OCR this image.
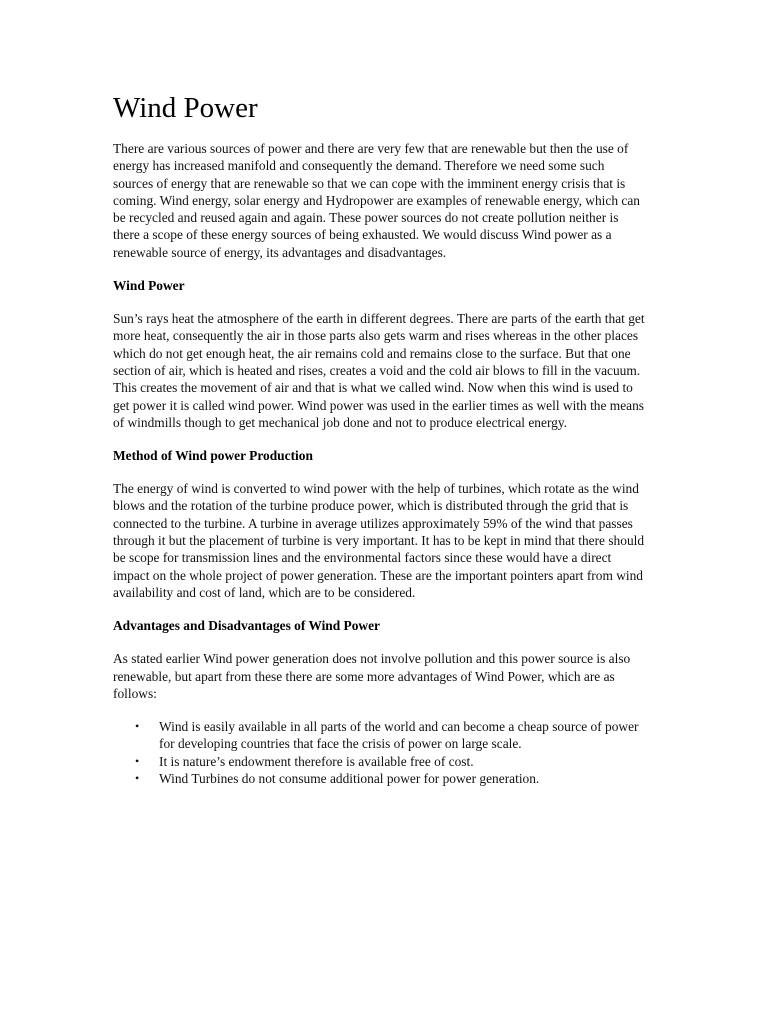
Wind Power

There are various sources of power and there are very few that are renewable but then the use of energy has increased manifold and consequently the demand. Therefore we need some such sources of energy that are renewable so that we can cope with the imminent energy crisis that is coming. Wind energy, solar energy and Hydropower are examples of renewable energy, which can be recycled and reused again and again. These power sources do not create pollution neither is there a scope of these energy sources of being exhausted. We would discuss Wind power as a renewable source of energy, its advantages and disadvantages.

Wind Power

Sun’s rays heat the atmosphere of the earth in different degrees. There are parts of the earth that get more heat, consequently the air in those parts also gets warm and rises whereas in the other places which do not get enough heat, the air remains cold and remains close to the surface. But that one section of air, which is heated and rises, creates a void and the cold air blows to fill in the vacuum. This creates the movement of air and that is what we called wind. Now when this wind is used to get power it is called wind power. Wind power was used in the earlier times as well with the means of windmills though to get mechanical job done and not to produce electrical energy.

Method of Wind power Production

The energy of wind is converted to wind power with the help of turbines, which rotate as the wind blows and the rotation of the turbine produce power, which is distributed through the grid that is connected to the turbine. A turbine in average utilizes approximately 59% of the wind that passes through it but the placement of turbine is very important. It has to be kept in mind that there should be scope for transmission lines and the environmental factors since these would have a direct impact on the whole project of power generation. These are the important pointers apart from wind availability and cost of land, which are to be considered.

Advantages and Disadvantages of Wind Power

As stated earlier Wind power generation does not involve pollution and this power source is also renewable, but apart from these there are some more advantages of Wind Power, which are as follows:

• Wind is easily available in all parts of the world and can become a cheap source of power for developing countries that face the crisis of power on large scale.
• It is nature’s endowment therefore is available free of cost.
• Wind Turbines do not consume additional power for power generation.
